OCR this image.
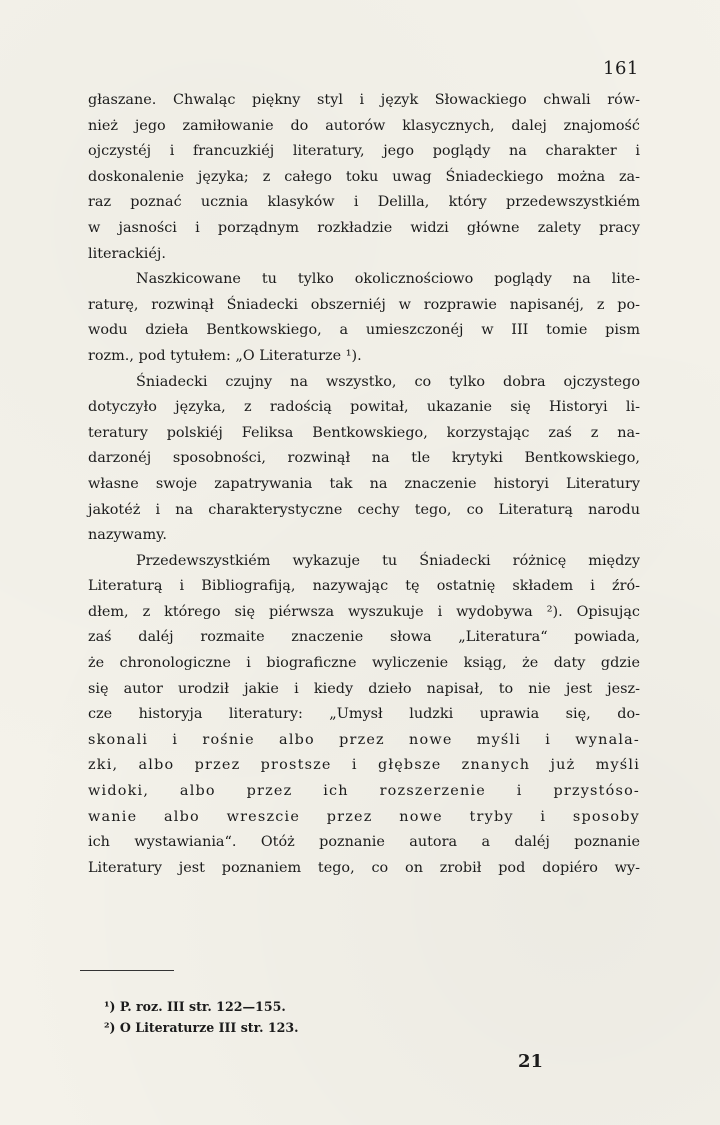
161
głaszane. Chwaląc piękny styl i język Słowackiego chwali rów-
nież jego zamiłowanie do autorów klasycznych, dalej znajomość
ojczystéj i francuzkiéj literatury, jego poglądy na charakter i
doskonalenie języka; z całego toku uwag Śniadeckiego można za-
raz poznać ucznia klasyków i Delilla, który przedewszystkiém
w jasności i porządnym rozkładzie widzi główne zalety pracy
literackiéj.
Naszkicowane tu tylko okolicznościowo poglądy na lite-
raturę, rozwinął Śniadecki obszerniéj w rozprawie napisanéj, z po-
wodu dzieła Bentkowskiego, a umieszczonéj w III tomie pism
rozm., pod tytułem: „O Literaturze ¹).
Śniadecki czujny na wszystko, co tylko dobra ojczystego
dotyczyło języka, z radością powitał, ukazanie się Historyi li-
teratury polskiéj Feliksa Bentkowskiego, korzystając zaś z na-
darzonéj sposobności, rozwinął na tle krytyki Bentkowskiego,
własne swoje zapatrywania tak na znaczenie historyi Literatury
jakotéż i na charakterystyczne cechy tego, co Literaturą narodu
nazywamy.
Przedewszystkiém wykazuje tu Śniadecki różnicę między
Literaturą i Bibliografiją, nazywając tę ostatnię składem i źró-
dłem, z którego się piérwsza wyszukuje i wydobywa ²). Opisując
zaś daléj rozmaite znaczenie słowa „Literatura“ powiada,
że chronologiczne i biograficzne wyliczenie ksiąg, że daty gdzie
się autor urodził jakie i kiedy dzieło napisał, to nie jest jesz-
cze historyja literatury: „Umysł ludzki uprawia się, do-
skonali i rośnie albo przez nowe myśli i wynala-
zki, albo przez prostsze i głębsze znanych już myśli
widoki, albo przez ich rozszerzenie i przystóso-
wanie albo wreszcie przez nowe tryby i sposoby
ich wystawiania“. Otóż poznanie autora a daléj poznanie
Literatury jest poznaniem tego, co on zrobił pod dopiéro wy-
¹) P. roz. III str. 122—155.
²) O Literaturze III str. 123.
21
